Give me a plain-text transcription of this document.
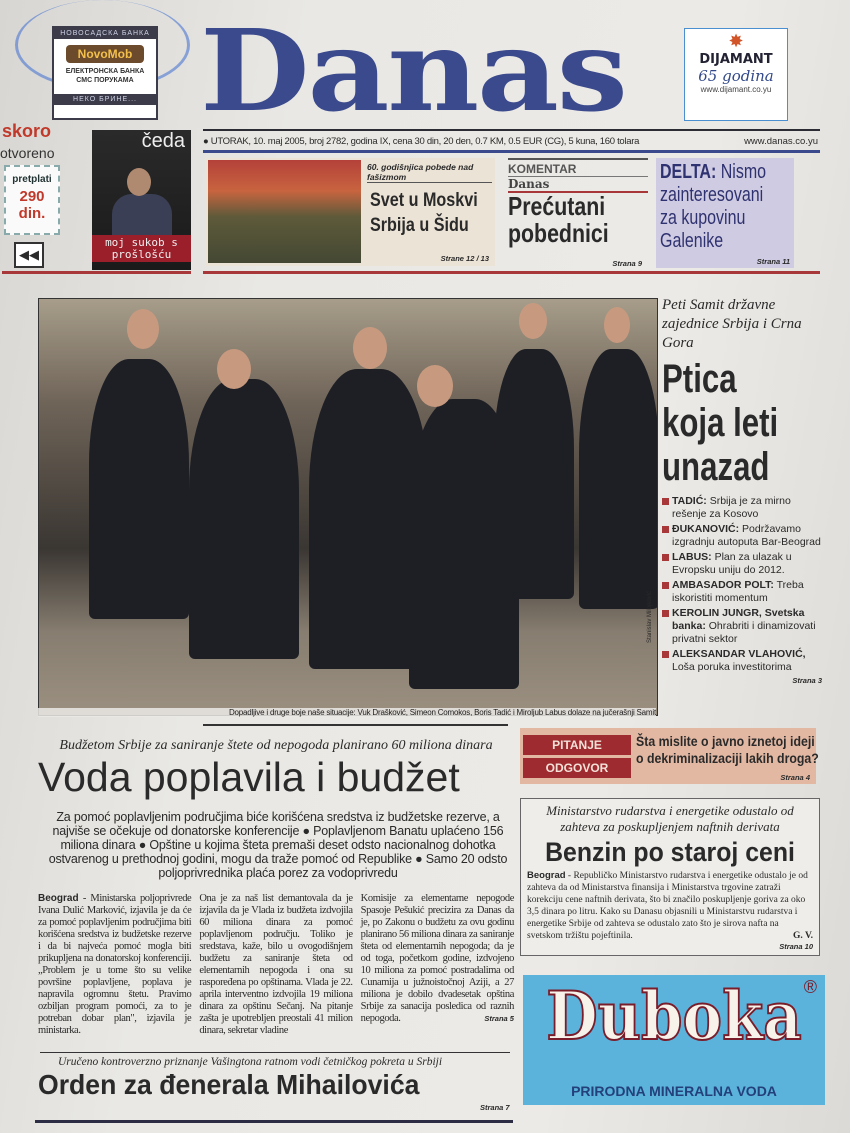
НОВОСАДСКА БАНКА
NovoMob
ЕЛЕКТРОНСКА БАНКА
СМС ПОРУКАМА
НЕКО БРИНЕ... Danas	✸
DIJAMANT
65 godina
www.dijamant.co.yu
● UTORAK, 10. maj 2005, broj 2782, godina IX, cena 30 din, 20 den, 0.7 KM, 0.5 EUR (CG), 5 kuna, 160 tolara	www.danas.co.yu
skoro
otvoreno
pretplati
290
din.
◀◀
čeda
moj sukob s prošlošću
60. godišnjica pobede nad fašizmom
Svet u Moskvi
Srbija u Šidu
Strane 12 / 13
KOMENTAR
Danas
Prećutani
pobednici
Strana 9
DELTA: Nismo
zainteresovani
za kupovinu
Galenike
Strana 11
Dopadljive i druge boje naše situacije: Vuk Drašković, Simeon Comokos, Boris Tadić i Miroljub Labus dolaze na jučerašnji Samit
Stanislav Milojković
Peti Samit državne zajednice Srbija i Crna Gora
Ptica
koja leti
unazad
TADIĆ: Srbija je za mirno rešenje za Kosovo
ĐUKANOVIĆ: Podržavamo izgradnju autoputa Bar-Beograd
LABUS: Plan za ulazak u Evropsku uniju do 2012.
AMBASADOR POLT: Treba iskoristiti momentum
KEROLIN JUNGR, Svetska banka: Ohrabriti i dinamizovati privatni sektor
ALEKSANDAR VLAHOVIĆ, Loša poruka investitorima
Strana 3
Budžetom Srbije za saniranje štete od nepogoda planirano 60 miliona dinara
Voda poplavila i budžet
Za pomoć poplavljenim područjima biće korišćena sredstva iz budžetske rezerve, a najviše se očekuje od donatorske konferencije ● Poplavljenom Banatu uplaćeno 156 miliona dinara ● Opštine u kojima šteta premaši deset odsto nacionalnog dohotka ostvarenog u prethodnoj godini, mogu da traže pomoć od Republike ● Samo 20 odsto poljoprivrednika plaća porez za vodoprivredu
Beograd - Ministarska poljoprivrede Ivana Dulić Marković, izjavila je da će za pomoć poplavljenim područjima biti korišćena sredstva iz budžetske rezerve i da bi najveća pomoć mogla biti prikupljena na donatorskoj konferenciji. „Problem je u tome što su velike površine poplavljene, poplava je napravila ogromnu štetu. Pravimo ozbiljan program pomoći, za to je potreban dobar plan", izjavila je ministarka.
Ona je za naš list demantovala da je izjavila da je Vlada iz budžeta izdvojila 60 miliona dinara za pomoć poplavljenom području. Toliko je sredstava, kaže, bilo u ovogodišnjem budžetu za saniranje šteta od elementarnih nepogoda i ona su raspoređena po opštinama. Vlada je 22. aprila interventno izdvojila 19 miliona dinara za opštinu Sečanj. Na pitanje zašta je upotrebljen preostali 41 milion dinara, sekretar vladine
Komisije za elementarne nepogode Spasoje Pešukić precizira za Danas da je, po Zakonu o budžetu za ovu godinu planirano 56 miliona dinara za saniranje šteta od elementarnih nepogoda; da je od toga, početkom godine, izdvojeno 10 miliona za pomoć postradalima od Cunamija u južnoistočnoj Aziji, a 27 miliona je dobilo dvadesetak opština Srbije za sanacija posledica od raznih nepogoda.	Strana 5
Uručeno kontroverzno priznanje Vašingtona ratnom vodi četničkog pokreta u Srbiji
Orden za đenerala Mihailovića
Strana 7
PITANJE
ODGOVOR
Šta mislite o javno iznetoj ideji
o dekriminalizaciji lakih droga?
Strana 4
Ministarstvo rudarstva i energetike odustalo od zahteva za poskupljenjem naftnih derivata
Benzin po staroj ceni
Beograd - Republičko Ministarstvo rudarstva i energetike odustalo je od zahteva da od Ministarstva finansija i Ministarstva trgovine zatraži korekciju cene naftnih derivata, što bi značilo poskupljenje goriva za oko 3,5 dinara po litru. Kako su Danasu objasnili u Ministarstvu rudarstva i energetike Srbije od zahteva se odustalo zato što je sirova nafta na svetskom tržištu pojeftinila.	G. V.
Strana 10
Duboka ®
PRIRODNA MINERALNA VODA
